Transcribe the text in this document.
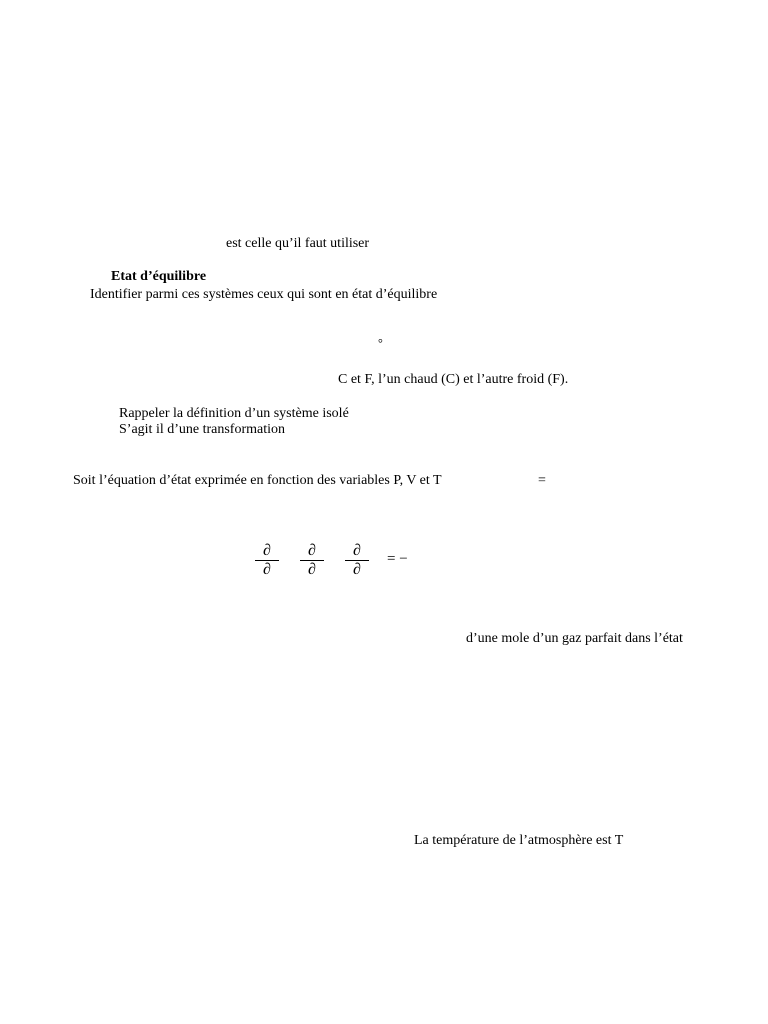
est celle qu’il faut utiliser
Etat d’équilibre
Identifier parmi ces systèmes ceux qui sont en état d’équilibre
°
C et F, l’un chaud (C) et l’autre froid (F).
Rappeler la définition d’un système isolé
S’agit il d’une transformation
Soit l’équation d’état exprimée en fonction des variables P, V et T	=
∂
∂
∂
∂
∂
∂
= −
d’une mole d’un gaz parfait dans l’état
La température de l’atmosphère est T
